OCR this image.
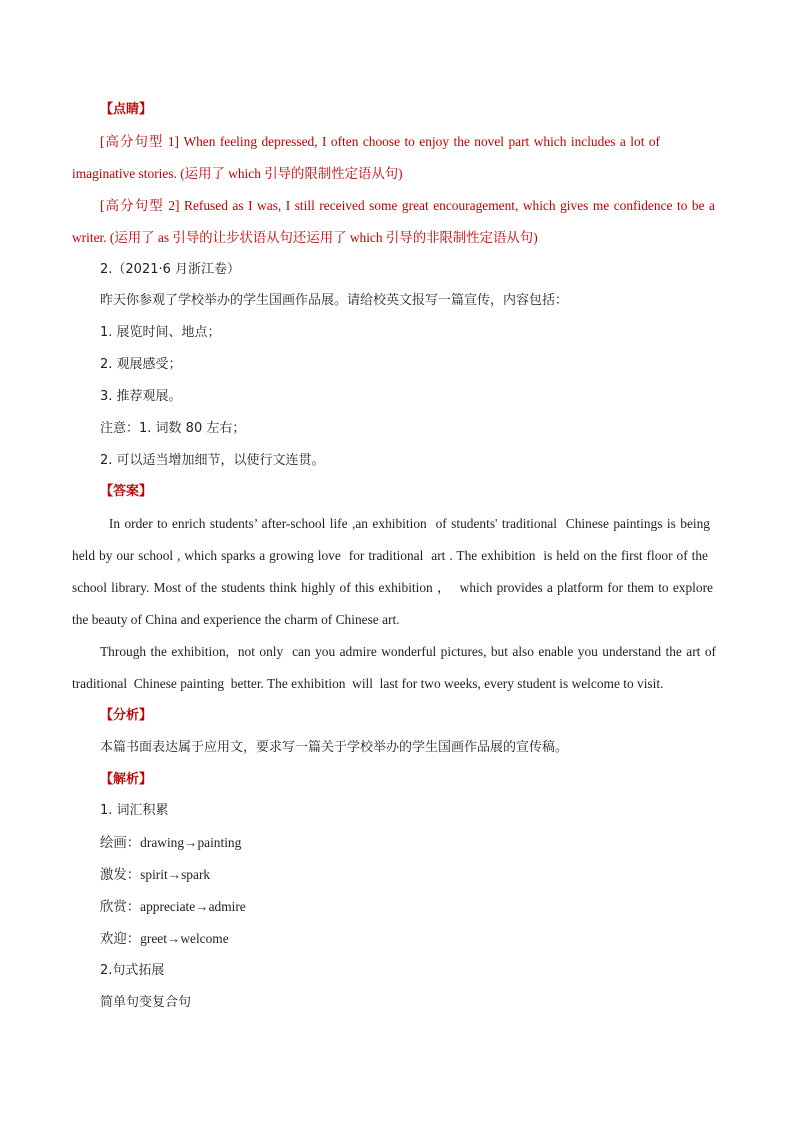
【点睛】
[高分句型 1] When feeling depressed, I often choose to enjoy the novel part which includes a lot of
imaginative stories. (运用了 which 引导的限制性定语从句)
[高分句型 2] Refused as I was, I still received some great encouragement, which gives me confidence to be a
writer. (运用了 as 引导的让步状语从句还运用了 which 引导的非限制性定语从句)
2.（2021·6 月浙江卷）
昨天你参观了学校举办的学生国画作品展。请给校英文报写一篇宣传，内容包括：
1. 展览时间、地点；
2. 观展感受；
3. 推荐观展。
注意：1. 词数 80 左右；
2. 可以适当增加细节，以使行文连贯。
【答案】
In order to enrich students’ after-school life ,an exhibition  of students' traditional  Chinese paintings is being
held by our school , which sparks a growing love  for traditional  art . The exhibition  is held on the first floor of the
school library. Most of the students think highly of this exhibition ，  which provides a platform for them to explore
the beauty of China and experience the charm of Chinese art.
Through the exhibition,  not only  can you admire wonderful pictures, but also enable you understand the art of
traditional  Chinese painting  better. The exhibition  will  last for two weeks, every student is welcome to visit.
【分析】
本篇书面表达属于应用文，要求写一篇关于学校举办的学生国画作品展的宣传稿。
【解析】
1. 词汇积累
绘画：drawing→painting
激发：spirit→spark
欣赏：appreciate→admire
欢迎：greet→welcome
2.句式拓展
简单句变复合句
